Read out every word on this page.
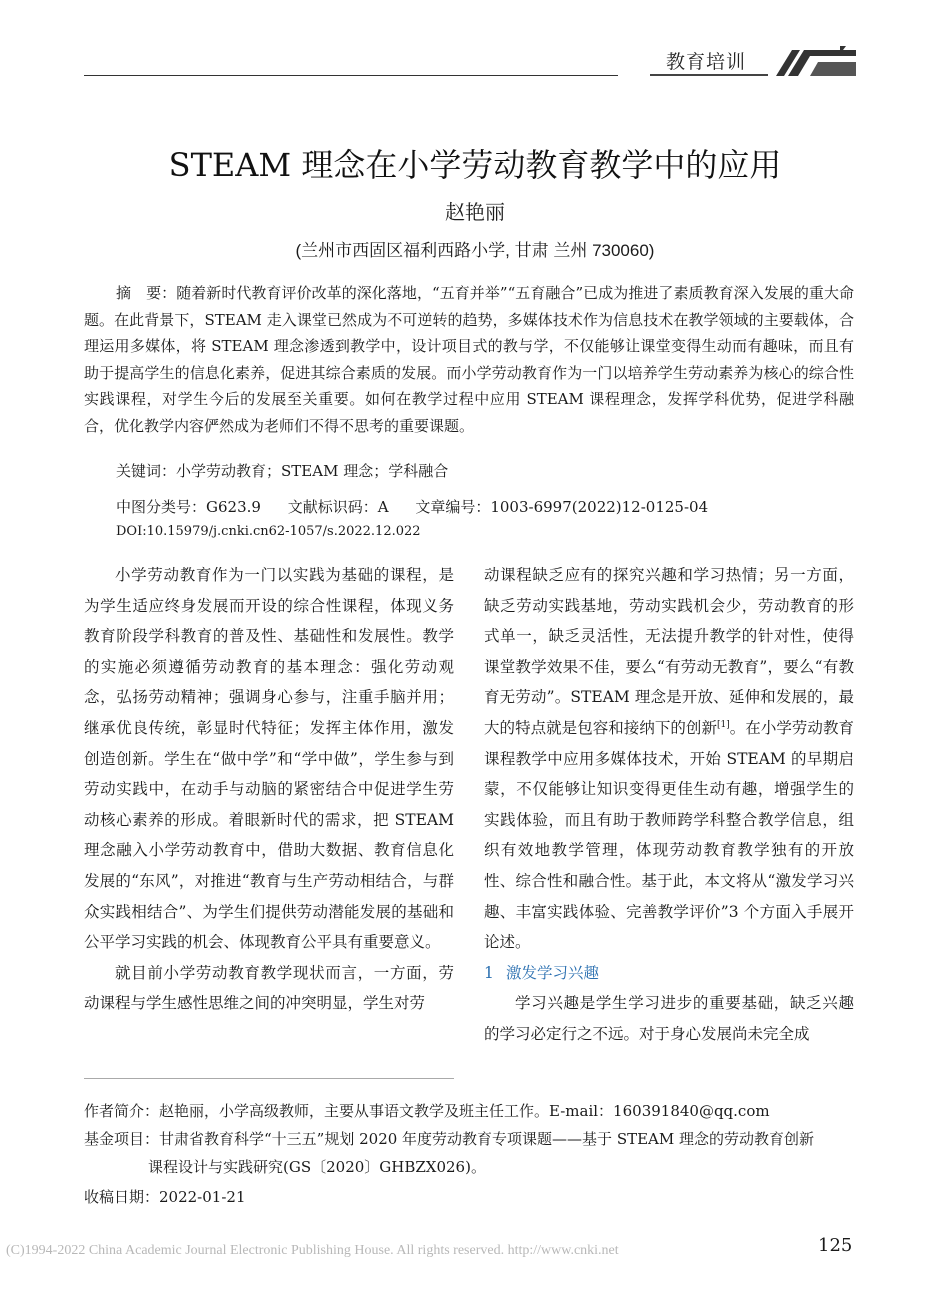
教育培训
STEAM 理念在小学劳动教育教学中的应用
赵艳丽
(兰州市西固区福利西路小学, 甘肃 兰州 730060)
摘　要：随着新时代教育评价改革的深化落地，“五育并举”“五育融合”已成为推进了素质教育深入发展的重大命题。在此背景下，STEAM 走入课堂已然成为不可逆转的趋势，多媒体技术作为信息技术在教学领域的主要载体，合理运用多媒体，将 STEAM 理念渗透到教学中，设计项目式的教与学，不仅能够让课堂变得生动而有趣味，而且有助于提高学生的信息化素养，促进其综合素质的发展。而小学劳动教育作为一门以培养学生劳动素养为核心的综合性实践课程，对学生今后的发展至关重要。如何在教学过程中应用 STEAM 课程理念，发挥学科优势，促进学科融合，优化教学内容俨然成为老师们不得不思考的重要课题。
关键词：小学劳动教育；STEAM 理念；学科融合
中图分类号：G623.9 文献标识码：A 文章编号：1003-6997(2022)12-0125-04
DOI:10.15979/j.cnki.cn62-1057/s.2022.12.022

小学劳动教育作为一门以实践为基础的课程，是为学生适应终身发展而开设的综合性课程，体现义务教育阶段学科教育的普及性、基础性和发展性。教学的实施必须遵循劳动教育的基本理念：强化劳动观念，弘扬劳动精神；强调身心参与，注重手脑并用；继承优良传统，彰显时代特征；发挥主体作用，激发创造创新。学生在“做中学”和“学中做”，学生参与到劳动实践中，在动手与动脑的紧密结合中促进学生劳动核心素养的形成。着眼新时代的需求，把 STEAM 理念融入小学劳动教育中，借助大数据、教育信息化发展的“东风”，对推进“教育与生产劳动相结合，与群众实践相结合”、为学生们提供劳动潜能发展的基础和公平学习实践的机会、体现教育公平具有重要意义。

就目前小学劳动教育教学现状而言，一方面，劳动课程与学生感性思维之间的冲突明显，学生对劳

动课程缺乏应有的探究兴趣和学习热情；另一方面，缺乏劳动实践基地，劳动实践机会少，劳动教育的形式单一，缺乏灵活性，无法提升教学的针对性，使得课堂教学效果不佳，要么“有劳动无教育”，要么“有教育无劳动”。STEAM 理念是开放、延伸和发展的，最大的特点就是包容和接纳下的创新[1]。在小学劳动教育课程教学中应用多媒体技术，开始 STEAM 的早期启蒙，不仅能够让知识变得更佳生动有趣，增强学生的实践体验，而且有助于教师跨学科整合教学信息，组织有效地教学管理，体现劳动教育教学独有的开放性、综合性和融合性。基于此，本文将从“激发学习兴趣、丰富实践体验、完善教学评价”3 个方面入手展开论述。

1 激发学习兴趣

学习兴趣是学生学习进步的重要基础，缺乏兴趣的学习必定行之不远。对于身心发展尚未完全成

作者简介：赵艳丽，小学高级教师，主要从事语文教学及班主任工作。E-mail：160391840@qq.com
基金项目：甘肃省教育科学“十三五”规划 2020 年度劳动教育专项课题——基于 STEAM 理念的劳动教育创新
课程设计与实践研究(GS〔2020〕GHBZX026)。
收稿日期：2022-01-21
(C)1994-2022 China Academic Journal Electronic Publishing House. All rights reserved. http://www.cnki.net	125
